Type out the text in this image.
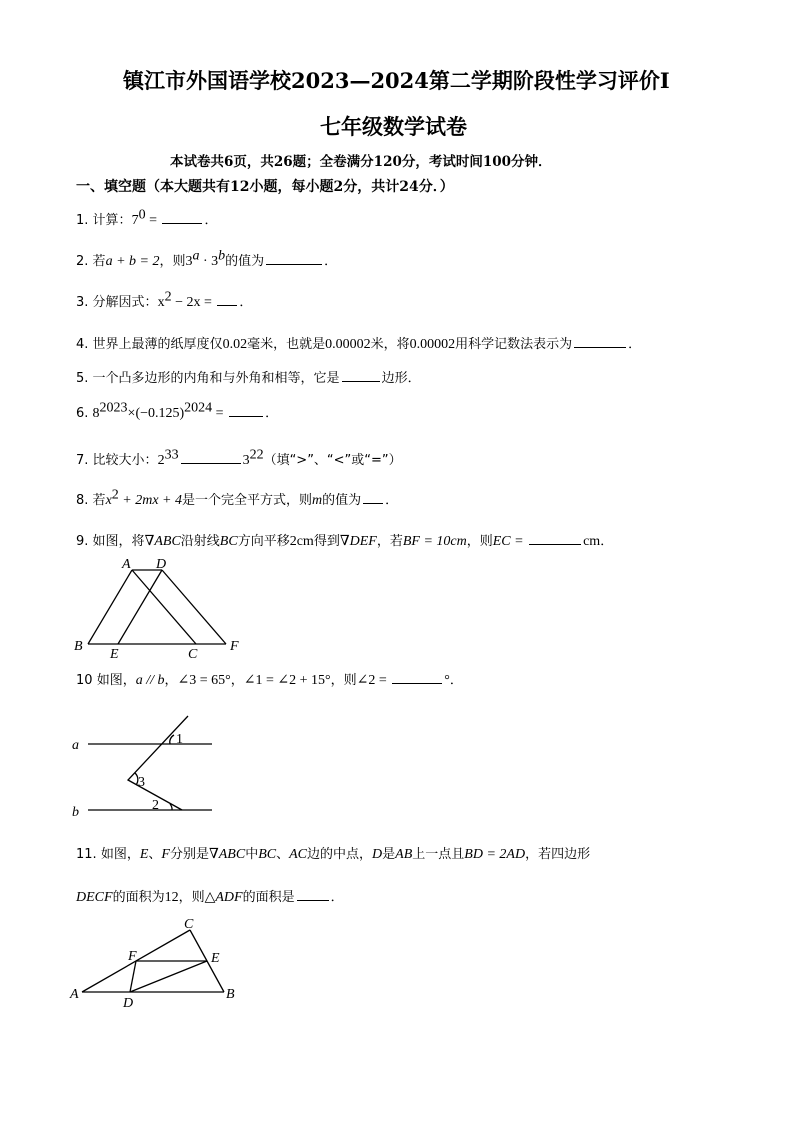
镇江市外国语学校2023—2024第二学期阶段性学习评价Ⅰ
七年级数学试卷
本试卷共6页，共26题；全卷满分120分，考试时间100分钟．
一、填空题（本大题共有12小题，每小题2分，共计24分．）
1. 计算：$7^0$ =	．
2. 若a + b = 2，则$3^a \cdot 3^b$的值为	．
3. 分解因式：$x^2 - 2x$ = ．
4. 世界上最薄的纸厚度仅0.02毫米，也就是0.00002米，将0.00002用科学记数法表示为	．
5. 一个凸多边形的内角和与外角和相等，它是	边形．
6. $8^{2023}\times(-0.125)^{2024}$ =	．
7. 比较大小：$2^{33}$	$3^{22}$（填“>”、“<”或“=”）
8. 若$x^2 + 2mx + 4$是一个完全平方式，则m的值为 ．
9. 如图，将∇ABC沿射线BC方向平移2cm得到∇DEF，若BF = 10cm，则EC =	cm．
A D
B
E	C
F
10 如图，a // b，∠3 = 65°，∠1 = ∠2 + 15°，则∠2 =	°．
a
b
1
2
3
11. 如图，E、F分别是∇ABC中BC、AC边的中点，D是AB上一点且BD = 2AD，若四边形
DECF的面积为12，则△ADF的面积是	．
C
F	E
A
D
B
